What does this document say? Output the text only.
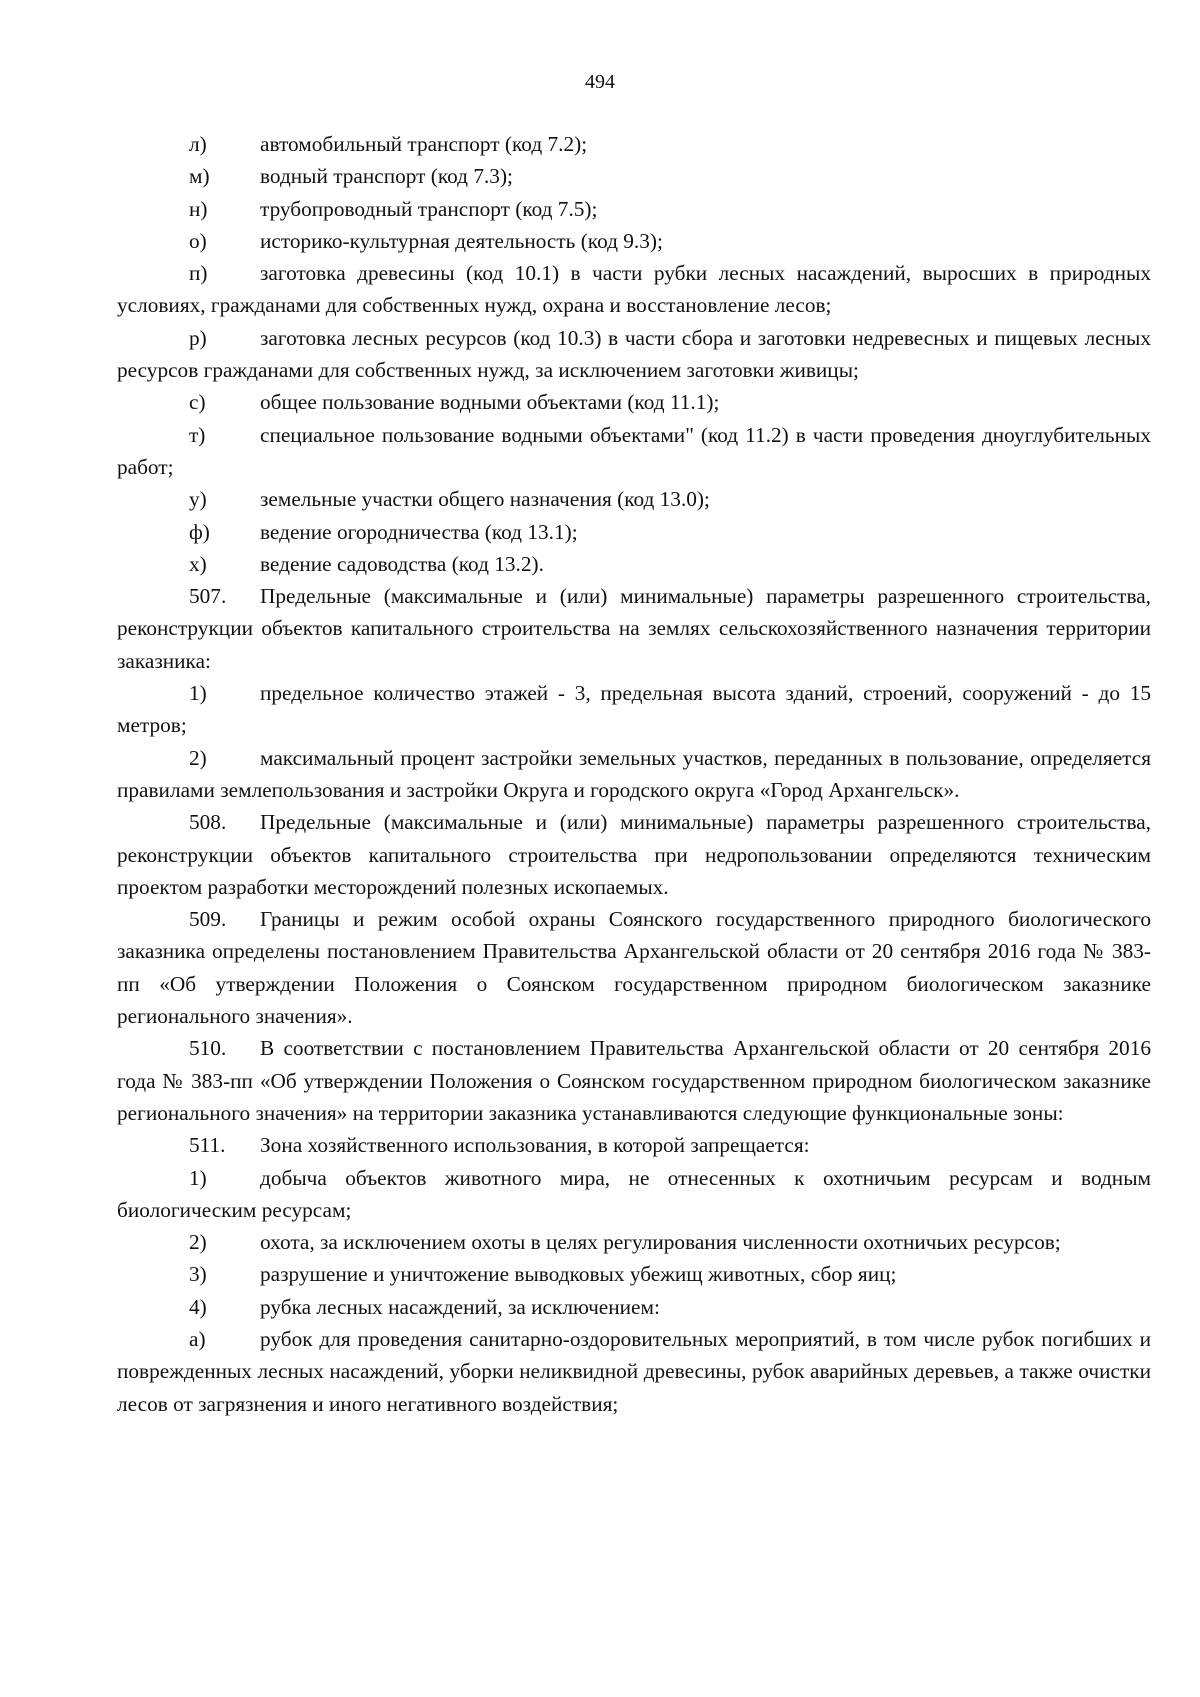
494

л)	автомобильный транспорт (код 7.2);

м) водный транспорт (код 7.3);

н) трубопроводный транспорт (код 7.5);

о)	историко-культурная деятельность (код 9.3);

п) заготовка древесины (код 10.1) в части рубки лесных насаждений, выросших в природных условиях, гражданами для собственных нужд, охрана и восстановление лесов;

р)	заготовка лесных ресурсов (код 10.3) в части сбора и заготовки недревесных и пищевых лесных ресурсов гражданами для собственных нужд, за исключением заготовки живицы;

с)	общее пользование водными объектами (код 11.1);

т)	специальное пользование водными объектами" (код 11.2) в части проведения дноуглубительных работ;

у)	земельные участки общего назначения (код 13.0);

ф) ведение огородничества (код 13.1);

х)	ведение садоводства (код 13.2).

507. Предельные (максимальные и (или) минимальные) параметры разрешенного строительства, реконструкции объектов капитального строительства на землях сельскохозяйственного назначения территории заказника:

1)	предельное количество этажей - 3, предельная высота зданий, строений, сооружений - до 15 метров;

2)	максимальный процент застройки земельных участков, переданных в пользование, определяется правилами землепользования и застройки Округа и городского округа «Город Архангельск».

508. Предельные (максимальные и (или) минимальные) параметры разрешенного строительства, реконструкции объектов капитального строительства при недропользовании определяются техническим проектом разработки месторождений полезных ископаемых.

509. Границы и режим особой охраны Соянского государственного природного биологического заказника определены постановлением Правительства Архангельской области от 20 сентября 2016 года № 383-пп «Об утверждении Положения о Соянском государственном природном биологическом заказнике регионального значения».

510. В соответствии с постановлением Правительства Архангельской области от 20 сентября 2016 года № 383-пп «Об утверждении Положения о Соянском государственном природном биологическом заказнике регионального значения» на территории заказника устанавливаются следующие функциональные зоны:

511. Зона хозяйственного использования, в которой запрещается:

1)	добыча объектов животного мира, не отнесенных к охотничьим ресурсам и водным биологическим ресурсам;

2)	охота, за исключением охоты в целях регулирования численности охотничьих ресурсов;

3)	разрушение и уничтожение выводковых убежищ животных, сбор яиц;

4)	рубка лесных насаждений, за исключением:

а)	рубок для проведения санитарно-оздоровительных мероприятий, в том числе рубок погибших и поврежденных лесных насаждений, уборки неликвидной древесины, рубок аварийных деревьев, а также очистки лесов от загрязнения и иного негативного воздействия;
